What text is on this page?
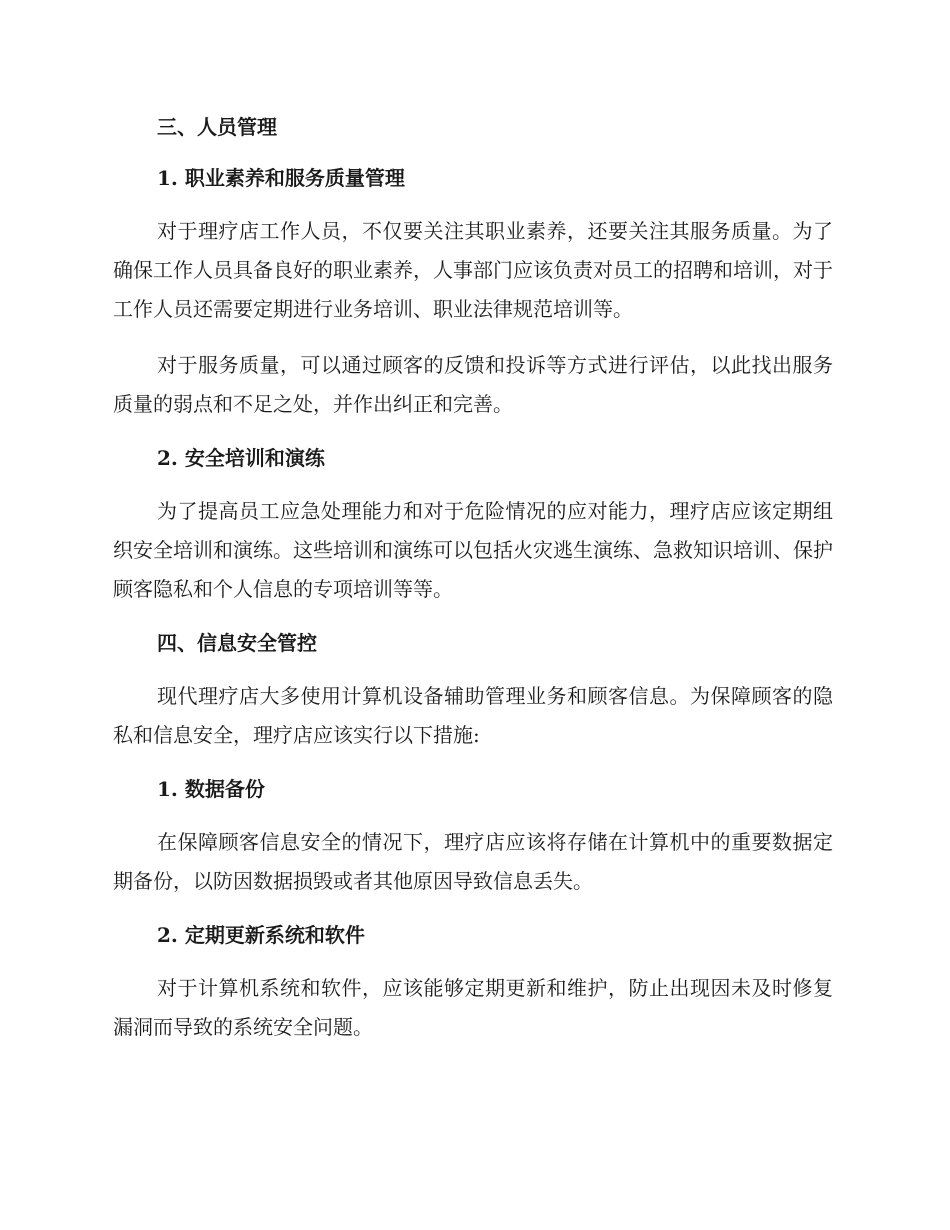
三、人员管理
1. 职业素养和服务质量管理

对于理疗店工作人员，不仅要关注其职业素养，还要关注其服务质量。为了确保工作人员具备良好的职业素养，人事部门应该负责对员工的招聘和培训，对于工作人员还需要定期进行业务培训、职业法律规范培训等。

对于服务质量，可以通过顾客的反馈和投诉等方式进行评估，以此找出服务质量的弱点和不足之处，并作出纠正和完善。

2. 安全培训和演练

为了提高员工应急处理能力和对于危险情况的应对能力，理疗店应该定期组织安全培训和演练。这些培训和演练可以包括火灾逃生演练、急救知识培训、保护顾客隐私和个人信息的专项培训等等。

四、信息安全管控

现代理疗店大多使用计算机设备辅助管理业务和顾客信息。为保障顾客的隐私和信息安全，理疗店应该实行以下措施:

1. 数据备份

在保障顾客信息安全的情况下，理疗店应该将存储在计算机中的重要数据定期备份，以防因数据损毁或者其他原因导致信息丢失。

2. 定期更新系统和软件

对于计算机系统和软件，应该能够定期更新和维护，防止出现因未及时修复漏洞而导致的系统安全问题。
